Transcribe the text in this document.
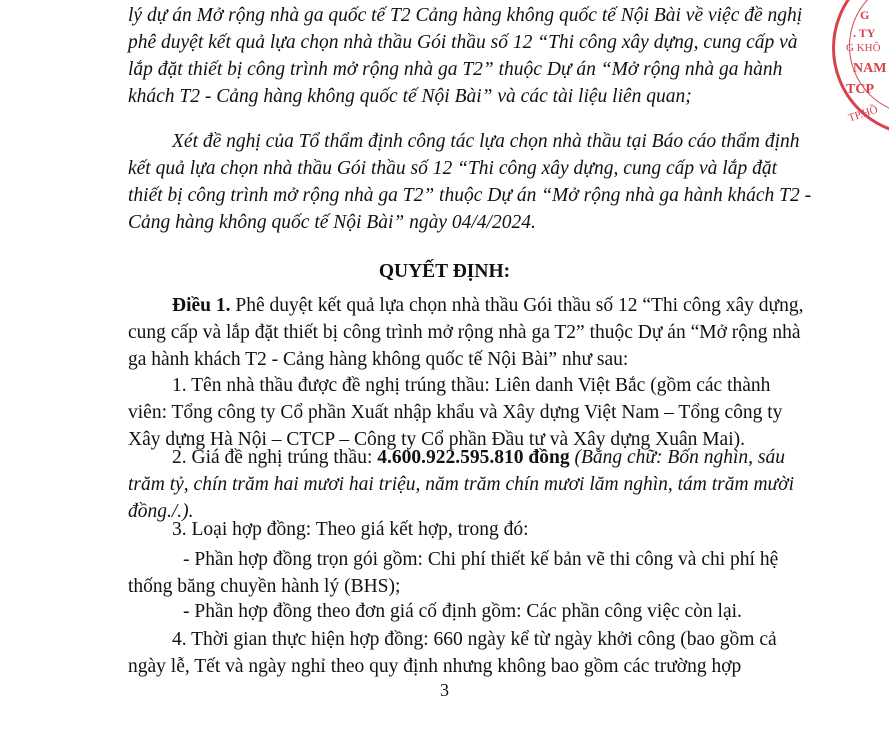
G
. TY
G KHÔ
NAM
TCP
TP.HỒ

lý dự án Mở rộng nhà ga quốc tế T2 Cảng hàng không quốc tế Nội Bài về việc đề nghị phê duyệt kết quả lựa chọn nhà thầu Gói thầu số 12 “Thi công xây dựng, cung cấp và lắp đặt thiết bị công trình mở rộng nhà ga T2” thuộc Dự án “Mở rộng nhà ga hành khách T2 - Cảng hàng không quốc tế Nội Bài” và các tài liệu liên quan;

Xét đề nghị của Tổ thẩm định công tác lựa chọn nhà thầu tại Báo cáo thẩm định kết quả lựa chọn nhà thầu Gói thầu số 12 “Thi công xây dựng, cung cấp và lắp đặt thiết bị công trình mở rộng nhà ga T2” thuộc Dự án “Mở rộng nhà ga hành khách T2 - Cảng hàng không quốc tế Nội Bài” ngày 04/4/2024.

QUYẾT ĐỊNH:

Điều 1. Phê duyệt kết quả lựa chọn nhà thầu Gói thầu số 12 “Thi công xây dựng, cung cấp và lắp đặt thiết bị công trình mở rộng nhà ga T2” thuộc Dự án “Mở rộng nhà ga hành khách T2 - Cảng hàng không quốc tế Nội Bài” như sau:

1. Tên nhà thầu được đề nghị trúng thầu: Liên danh Việt Bắc (gồm các thành viên: Tổng công ty Cổ phần Xuất nhập khẩu và Xây dựng Việt Nam – Tổng công ty Xây dựng Hà Nội – CTCP – Công ty Cổ phần Đầu tư và Xây dựng Xuân Mai).

2. Giá đề nghị trúng thầu: 4.600.922.595.810 đồng (Bằng chữ: Bốn nghìn, sáu trăm tỷ, chín trăm hai mươi hai triệu, năm trăm chín mươi lăm nghìn, tám trăm mười đồng./.).

3. Loại hợp đồng: Theo giá kết hợp, trong đó:

- Phần hợp đồng trọn gói gồm: Chi phí thiết kế bản vẽ thi công và chi phí hệ thống băng chuyền hành lý (BHS);

- Phần hợp đồng theo đơn giá cố định gồm: Các phần công việc còn lại.

4. Thời gian thực hiện hợp đồng: 660 ngày kể từ ngày khởi công (bao gồm cả ngày lễ, Tết và ngày nghỉ theo quy định nhưng không bao gồm các trường hợp

3
